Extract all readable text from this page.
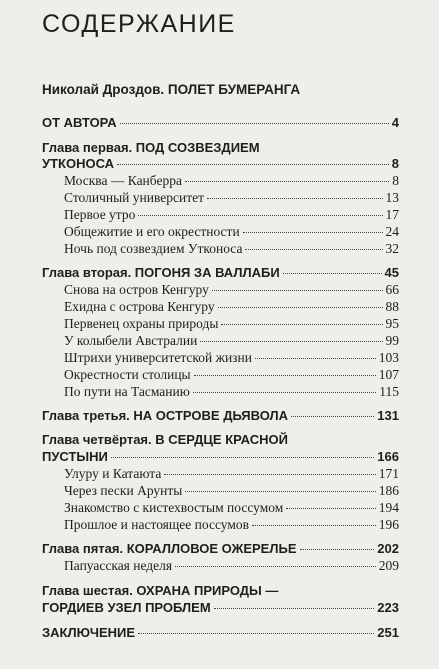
СОДЕРЖАНИЕ
Николай Дроздов. ПОЛЕТ БУМЕРАНГА
ОТ АВТОРА	4
Глава первая. ПОД СОЗВЕЗДИЕМ
УТКОНОСА	8
Москва — Канберра	8
Столичный университет	13
Первое утро	17
Общежитие и его окрестности	24
Ночь под созвездием Утконоса	32
Глава вторая. ПОГОНЯ ЗА ВАЛЛАБИ	45
Снова на остров Кенгуру	66
Ехидна с острова Кенгуру	88
Первенец охраны природы	95
У колыбели Австралии	99
Штрихи университетской жизни	103
Окрестности столицы	107
По пути на Тасманию	115
Глава третья. НА ОСТРОВЕ ДЬЯВОЛА	131
Глава четвёртая. В СЕРДЦЕ КРАСНОЙ
ПУСТЫНИ	166
Улуру и Катаюта	171
Через пески Арунты	186
Знакомство с кистехвостым поссумом	194
Прошлое и настоящее поссумов	196
Глава пятая. КОРАЛЛОВОЕ ОЖЕРЕЛЬЕ	202
Папуасская неделя	209
Глава шестая. ОХРАНА ПРИРОДЫ —
ГОРДИЕВ УЗЕЛ ПРОБЛЕМ	223
ЗАКЛЮЧЕНИЕ	251
